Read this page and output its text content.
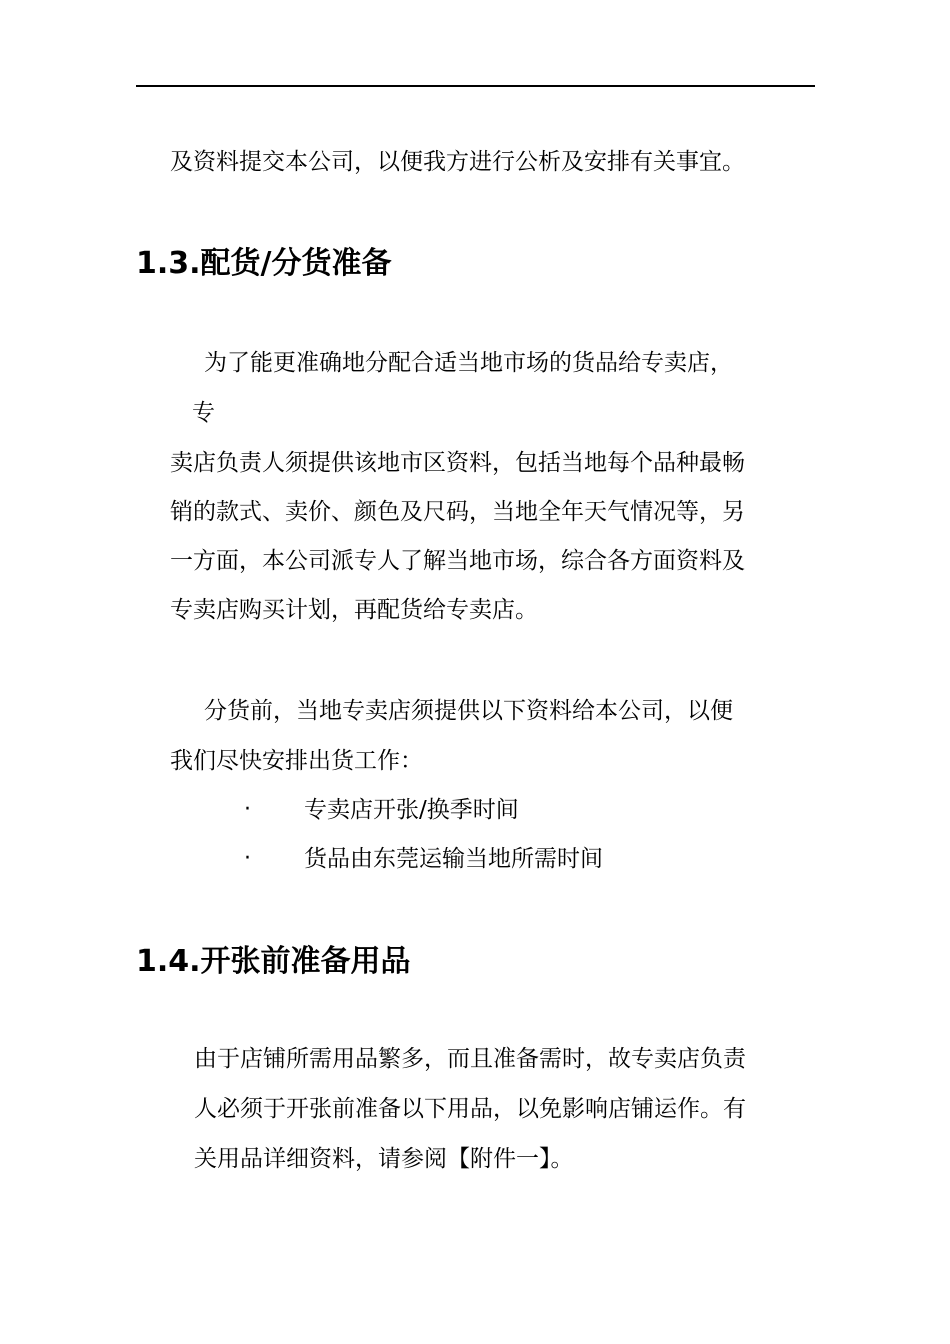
及资料提交本公司，以便我方进行公析及安排有关事宜。
1.3.配货/分货准备
为了能更准确地分配合适当地市场的货品给专卖店，
专
卖店负责人须提供该地市区资料，包括当地每个品种最畅
销的款式、卖价、颜色及尺码，当地全年天气情况等，另
一方面，本公司派专人了解当地市场，综合各方面资料及
专卖店购买计划，再配货给专卖店。
分货前，当地专卖店须提供以下资料给本公司，以便
我们尽快安排出货工作：
· 专卖店开张/换季时间
· 货品由东莞运输当地所需时间
1.4.开张前准备用品
由于店铺所需用品繁多，而且准备需时，故专卖店负责
人必须于开张前准备以下用品，以免影响店铺运作。有
关用品详细资料，请参阅【附件一】。
